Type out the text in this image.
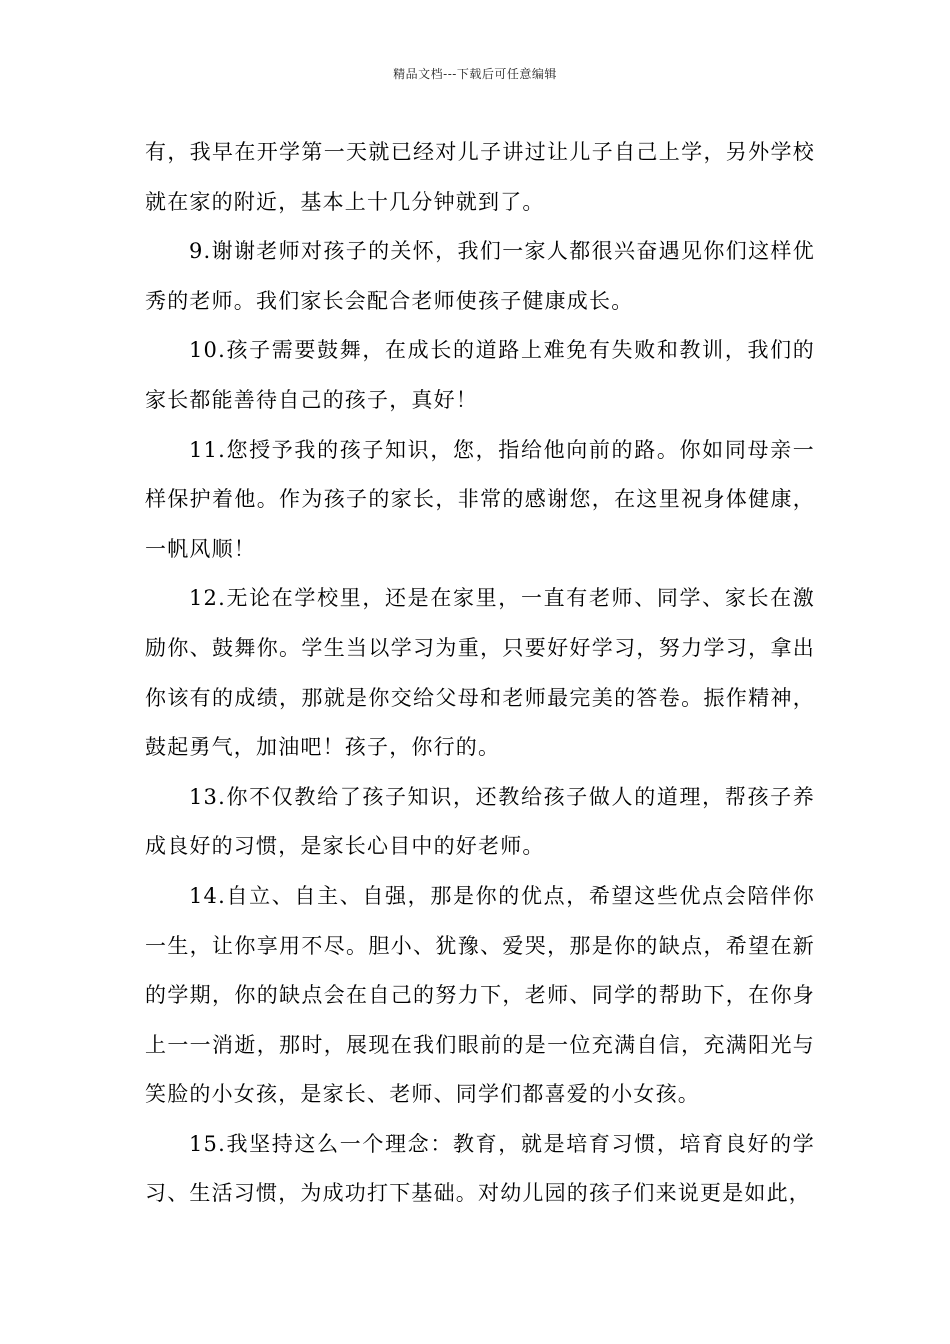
精品文档---下载后可任意编辑

有，我早在开学第一天就已经对儿子讲过让儿子自己上学，另外学校就在家的附近，基本上十几分钟就到了。

9.谢谢老师对孩子的关怀，我们一家人都很兴奋遇见你们这样优秀的老师。我们家长会配合老师使孩子健康成长。

10.孩子需要鼓舞，在成长的道路上难免有失败和教训，我们的家长都能善待自己的孩子，真好！

11.您授予我的孩子知识，您，指给他向前的路。你如同母亲一样保护着他。作为孩子的家长，非常的感谢您，在这里祝身体健康，一帆风顺！

12.无论在学校里，还是在家里，一直有老师、同学、家长在激励你、鼓舞你。学生当以学习为重，只要好好学习，努力学习，拿出你该有的成绩，那就是你交给父母和老师最完美的答卷。振作精神，鼓起勇气，加油吧！孩子，你行的。

13.你不仅教给了孩子知识，还教给孩子做人的道理，帮孩子养成良好的习惯，是家长心目中的好老师。

14.自立、自主、自强，那是你的优点，希望这些优点会陪伴你一生，让你享用不尽。胆小、犹豫、爱哭，那是你的缺点，希望在新的学期，你的缺点会在自己的努力下，老师、同学的帮助下，在你身上一一消逝，那时，展现在我们眼前的是一位充满自信，充满阳光与笑脸的小女孩，是家长、老师、同学们都喜爱的小女孩。

15.我坚持这么一个理念：教育，就是培育习惯，培育良好的学习、生活习惯，为成功打下基础。对幼儿园的孩子们来说更是如此，
